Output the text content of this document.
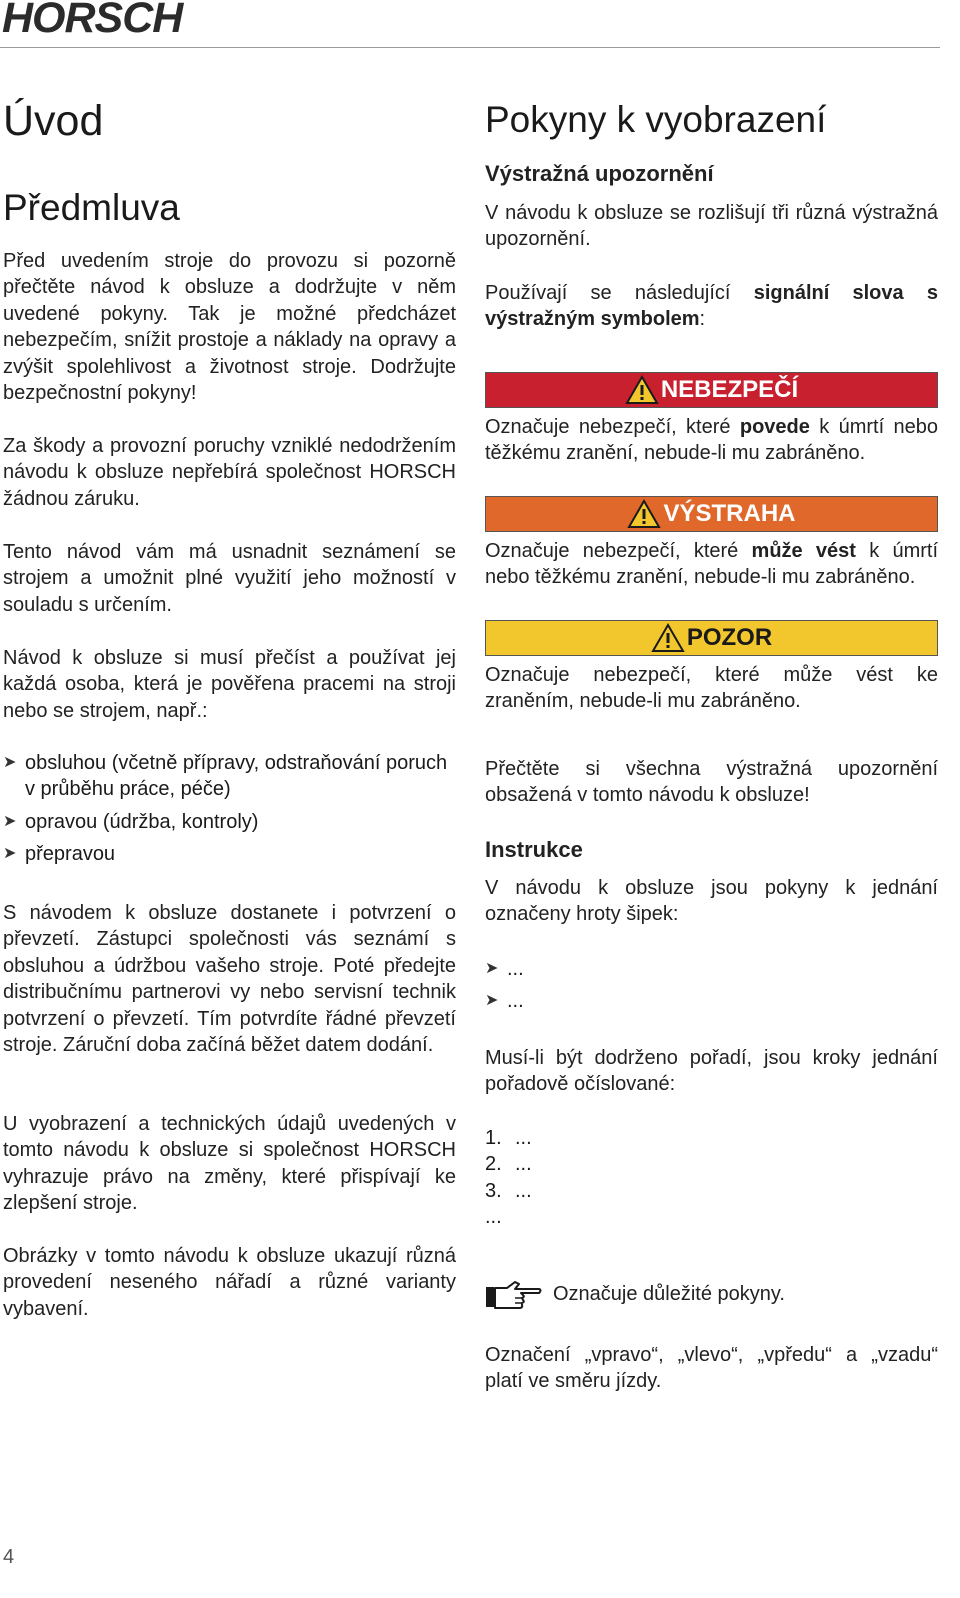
HORSCH
Úvod
Předmluva

Před uvedením stroje do provozu si pozorně přečtěte návod k obsluze a dodržujte v něm uvedené pokyny. Tak je možné předcházet nebezpečím, snížit prostoje a náklady na opravy a zvýšit spolehlivost a životnost stroje. Dodržujte bezpečnostní pokyny!

Za škody a provozní poruchy vzniklé nedodržením návodu k obsluze nepřebírá společnost HORSCH žádnou záruku.

Tento návod vám má usnadnit seznámení se strojem a umožnit plné využití jeho možností v souladu s určením.

Návod k obsluze si musí přečíst a používat jej každá osoba, která je pověřena pracemi na stroji nebo se strojem, např.:

➤ obsluhou (včetně přípravy, odstraňování poruch v průběhu práce, péče)
➤ opravou (údržba, kontroly)
➤ přepravou

S návodem k obsluze dostanete i potvrzení o převzetí. Zástupci společnosti vás seznámí s obsluhou a údržbou vašeho stroje. Poté předejte distribučnímu partnerovi vy nebo servisní technik potvrzení o převzetí. Tím potvrdíte řádné převzetí stroje. Záruční doba začíná běžet datem dodání.

U vyobrazení a technických údajů uvedených v tomto návodu k obsluze si společnost HORSCH vyhrazuje právo na změny, které přispívají ke zlepšení stroje.

Obrázky v tomto návodu k obsluze ukazují různá provedení neseného nářadí a různé varianty vybavení.

Pokyny k vyobrazení
Výstražná upozornění

V návodu k obsluze se rozlišují tři různá výstražná upozornění.

Používají se následující signální slova s výstražným symbolem:

NEBEZPEČÍ

Označuje nebezpečí, které povede k úmrtí nebo těžkému zranění, nebude-li mu zabráněno.

VÝSTRAHA

Označuje nebezpečí, které může vést k úmrtí nebo těžkému zranění, nebude-li mu zabráněno.

POZOR

Označuje nebezpečí, které může vést ke zraněním, nebude-li mu zabráněno.

Přečtěte si všechna výstražná upozornění obsažená v tomto návodu k obsluze!

Instrukce

V návodu k obsluze jsou pokyny k jednání označeny hroty šipek:

➤ ...
➤ ...

Musí-li být dodrženo pořadí, jsou kroky jednání pořadově očíslované:

1. ...
2. ...
3. ...
...

Označuje důležité pokyny.

Označení „vpravo“, „vlevo“, „vpředu“ a „vzadu“ platí ve směru jízdy.

4
